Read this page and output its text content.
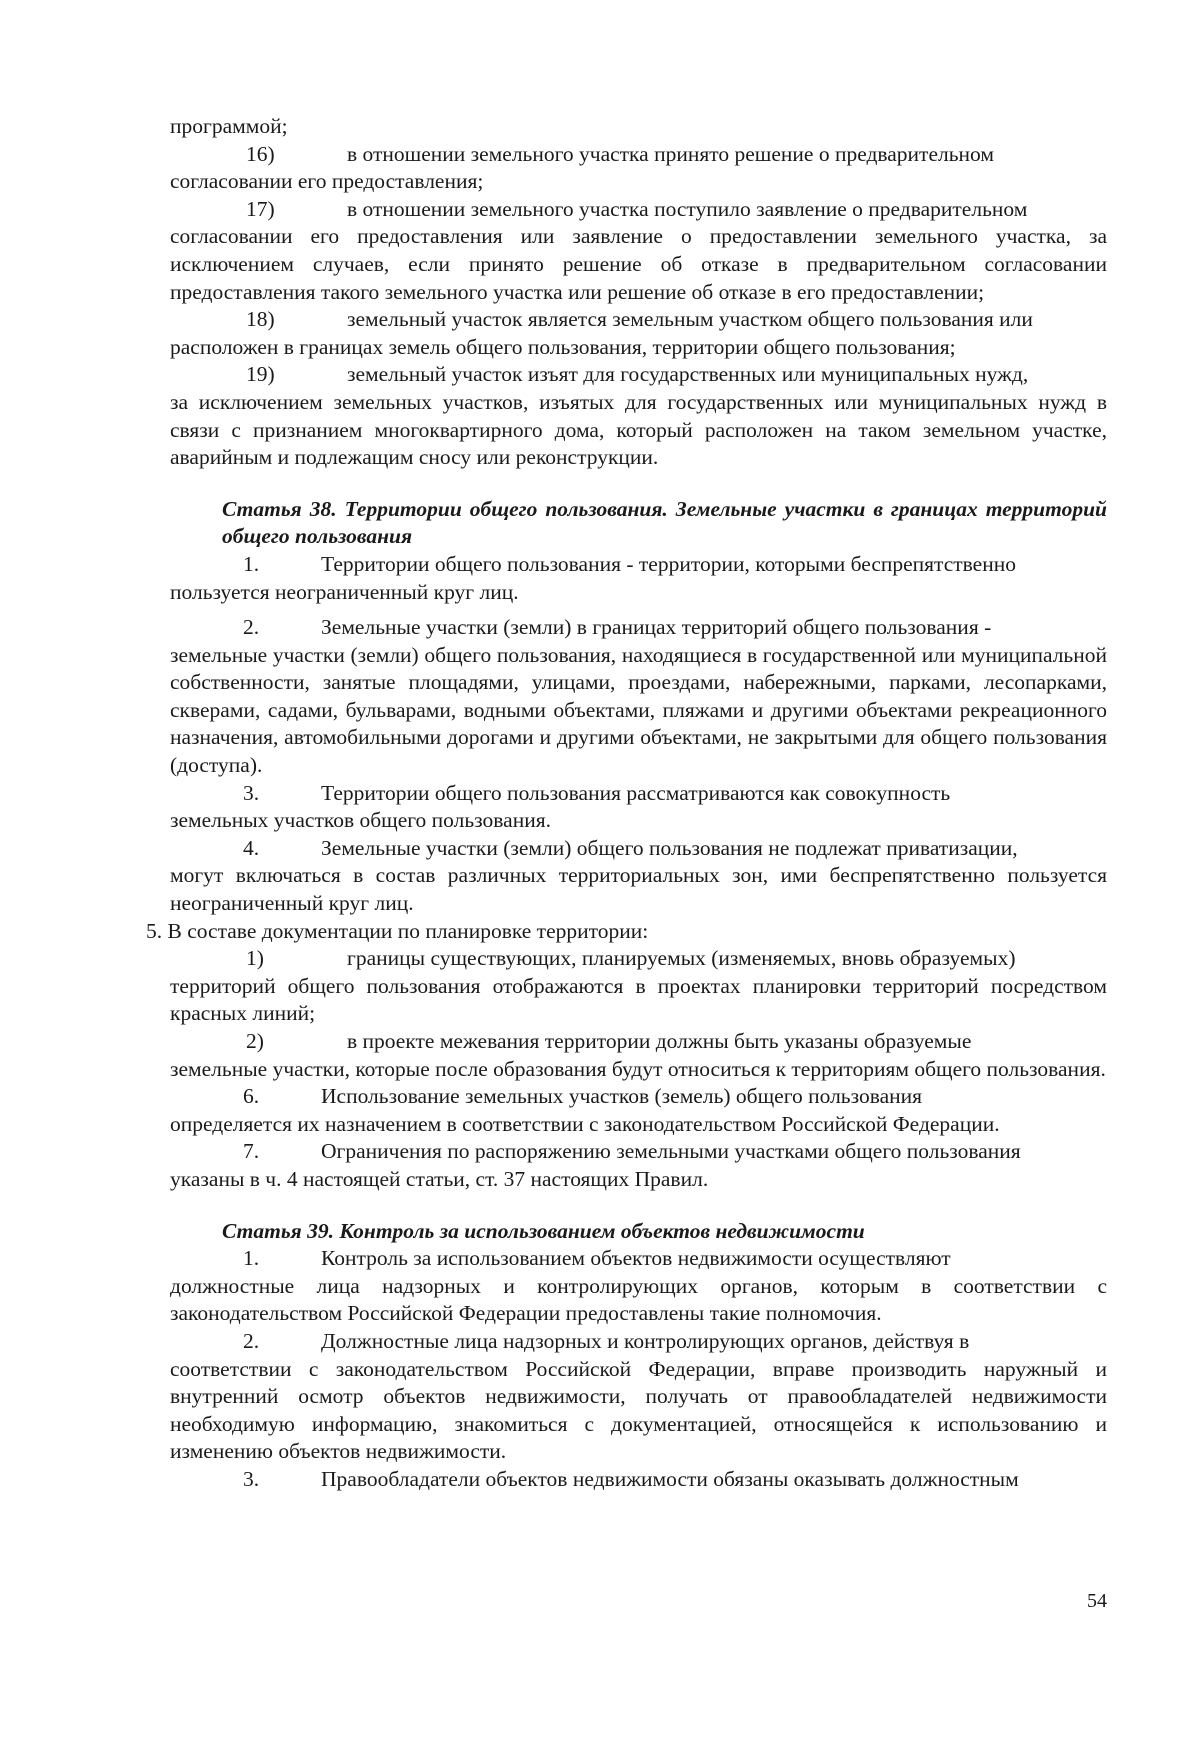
программой;

16)	в отношении земельного участка принято решение о предварительном

согласовании его предоставления;

17)	в отношении земельного участка поступило заявление о предварительном

согласовании его предоставления или заявление о предоставлении земельного участка, за исключением случаев, если принято решение об отказе в предварительном согласовании предоставления такого земельного участка или решение об отказе в его предоставлении;

18)	земельный участок является земельным участком общего пользования или

расположен в границах земель общего пользования, территории общего пользования;

19)	земельный участок изъят для государственных или муниципальных нужд,

за исключением земельных участков, изъятых для государственных или муниципальных нужд в связи с признанием многоквартирного дома, который расположен на таком земельном участке, аварийным и подлежащим сносу или реконструкции.

Статья 38. Территории общего пользования. Земельные участки в границах территорий общего пользования

1.	Территории общего пользования - территории, которыми беспрепятственно

пользуется неограниченный круг лиц.

2.	Земельные участки (земли) в границах территорий общего пользования -

земельные участки (земли) общего пользования, находящиеся в государственной или муниципальной собственности, занятые площадями, улицами, проездами, набережными, парками, лесопарками, скверами, садами, бульварами, водными объектами, пляжами и другими объектами рекреационного назначения, автомобильными дорогами и другими объектами, не закрытыми для общего пользования (доступа).

3.	Территории общего пользования рассматриваются как совокупность

земельных участков общего пользования.

4.	Земельные участки (земли) общего пользования не подлежат приватизации,

могут включаться в состав различных территориальных зон, ими беспрепятственно пользуется неограниченный круг лиц.

5. В составе документации по планировке территории:

1)	границы существующих, планируемых (изменяемых, вновь образуемых)

территорий общего пользования отображаются в проектах планировки территорий посредством красных линий;

2)	в проекте межевания территории должны быть указаны образуемые

земельные участки, которые после образования будут относиться к территориям общего пользования.

6.	Использование земельных участков (земель) общего пользования

определяется их назначением в соответствии с законодательством Российской Федерации.

7.	Ограничения по распоряжению земельными участками общего пользования

указаны в ч. 4 настоящей статьи, ст. 37 настоящих Правил.

Статья 39. Контроль за использованием объектов недвижимости

1.	Контроль за использованием объектов недвижимости осуществляют

должностные лица надзорных и контролирующих органов, которым в соответствии с законодательством Российской Федерации предоставлены такие полномочия.

2.	Должностные лица надзорных и контролирующих органов, действуя в

соответствии с законодательством Российской Федерации, вправе производить наружный и внутренний осмотр объектов недвижимости, получать от правообладателей недвижимости необходимую информацию, знакомиться с документацией, относящейся к использованию и изменению объектов недвижимости.

3.	Правообладатели объектов недвижимости обязаны оказывать должностным
54
